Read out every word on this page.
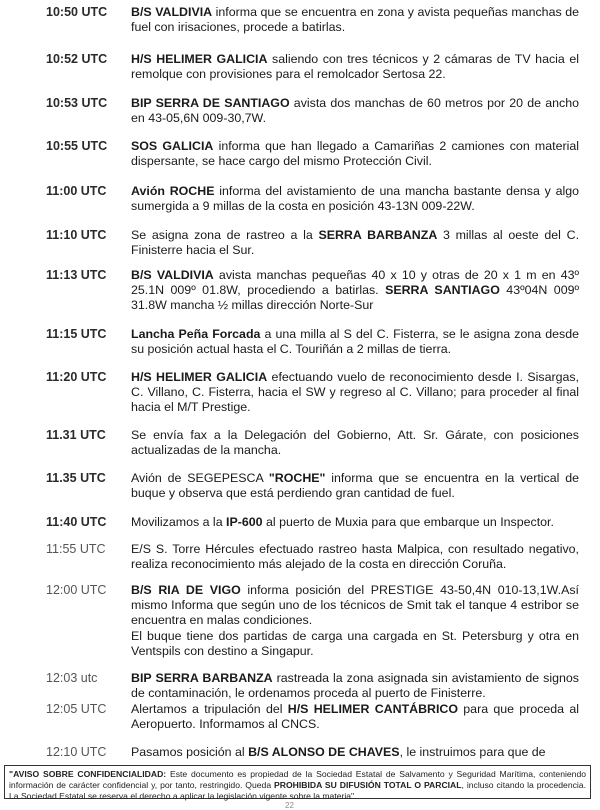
10:50 UTC	B/S VALDIVIA informa que se encuentra en zona y avista pequeñas manchas de fuel con irisaciones, procede a batirlas.
10:52 UTC	H/S HELIMER GALICIA saliendo con tres técnicos y 2 cámaras de TV hacia el remolque con provisiones para el remolcador Sertosa 22.
10:53 UTC	BIP SERRA DE SANTIAGO avista dos manchas de 60 metros por 20 de ancho en 43-05,6N 009-30,7W.
10:55 UTC	SOS GALICIA informa que han llegado a Camariñas 2 camiones con material dispersante, se hace cargo del mismo Protección Civil.
11:00 UTC	Avión ROCHE informa del avistamiento de una mancha bastante densa y algo sumergida a 9 millas de la costa en posición 43-13N 009-22W.
11:10 UTC	Se asigna zona de rastreo a la SERRA BARBANZA 3 millas al oeste del C. Finisterre hacia el Sur.
11:13 UTC	B/S VALDIVIA avista manchas pequeñas 40 x 10 y otras de 20 x 1 m en 43º 25.1N 009º 01.8W, procediendo a batirlas. SERRA SANTIAGO 43º04N 009º 31.8W mancha ½ millas dirección Norte-Sur
11:15 UTC	Lancha Peña Forcada a una milla al S del C. Fisterra, se le asigna zona desde su posición actual hasta el C. Touriñán a 2 millas de tierra.
11:20 UTC	H/S HELIMER GALICIA efectuando vuelo de reconocimiento desde I. Sisargas, C. Villano, C. Fisterra, hacia el SW y regreso al C. Villano; para proceder al final hacia el M/T Prestige.
11.31 UTC	Se envía fax a la Delegación del Gobierno, Att. Sr. Gárate, con posiciones actualizadas de la mancha.
11.35 UTC	Avión de SEGEPESCA "ROCHE" informa que se encuentra en la vertical de buque y observa que está perdiendo gran cantidad de fuel.
11:40 UTC	Movilizamos a la IP-600 al puerto de Muxia para que embarque un Inspector.
11:55 UTC	E/S S. Torre Hércules efectuado rastreo hasta Malpica, con resultado negativo, realiza reconocimiento más alejado de la costa en dirección Coruña.
12:00 UTC	B/S RIA DE VIGO informa posición del PRESTIGE 43-50,4N 010-13,1W.Así mismo Informa que según uno de los técnicos de Smit tak el tanque 4 estribor se encuentra en malas condiciones.
El buque tiene dos partidas de carga una cargada en St. Petersburg y otra en Ventspils con destino a Singapur.
12:03 utc	BIP SERRA BARBANZA rastreada la zona asignada sin avistamiento de signos de contaminación, le ordenamos proceda al puerto de Finisterre.
12:05 UTC	Alertamos a tripulación del H/S HELIMER CANTÁBRICO para que proceda al Aeropuerto. Informamos al CNCS.
12:10 UTC	Pasamos posición al B/S ALONSO DE CHAVES, le instruimos para que de
"AVISO SOBRE CONFIDENCIALIDAD: Este documento es propiedad de la Sociedad Estatal de Salvamento y Seguridad Marítima, conteniendo información de carácter confidencial y, por tanto, restringido. Queda PROHIBIDA SU DIFUSIÓN TOTAL O PARCIAL, incluso citando la procedencia. La Sociedad Estatal se reserva el derecho a aplicar la legislación vigente sobre la materia".
22
